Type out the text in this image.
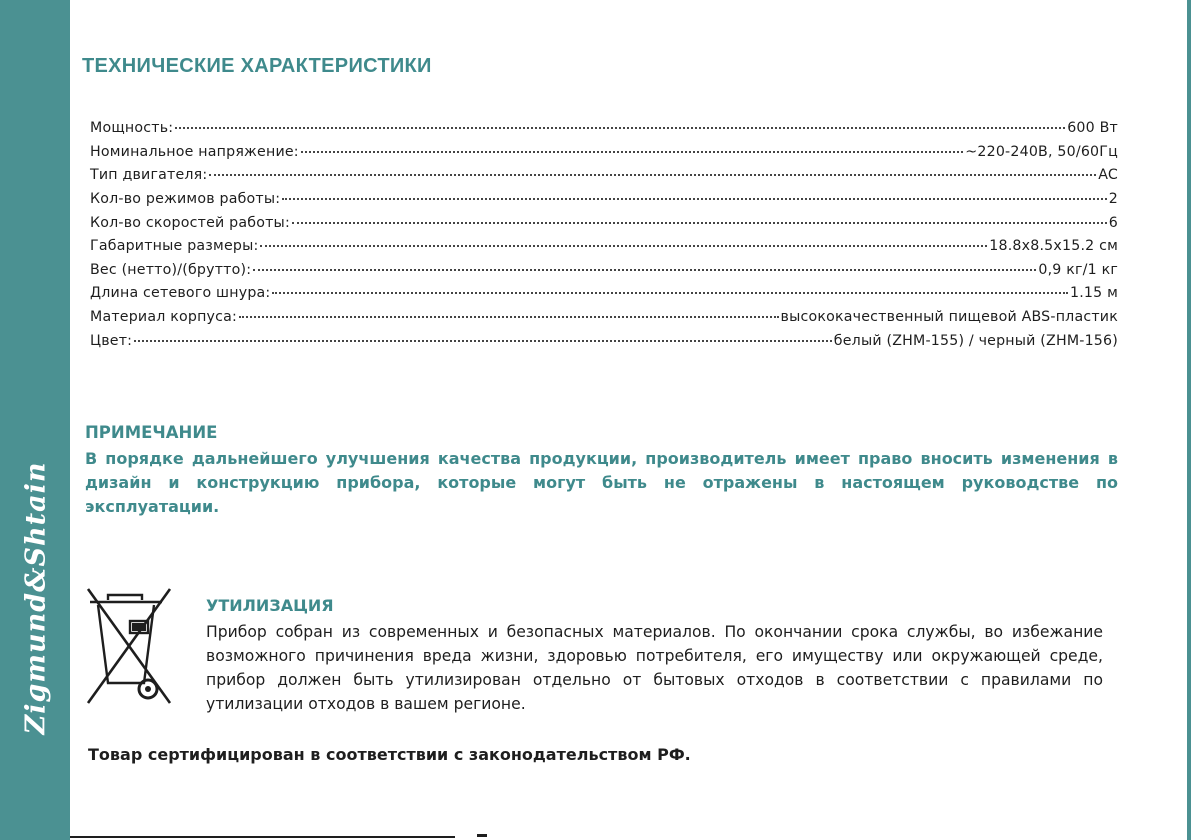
Zigmund&Shtain
ТЕХНИЧЕСКИЕ ХАРАКТЕРИСТИКИ
Мощность:	600 Вт
Номинальное напряжение:	~220-240В, 50/60Гц
Тип двигателя:	AC
Кол-во режимов работы:	2
Кол-во скоростей работы:	6
Габаритные размеры:	18.8x8.5x15.2 см
Вес (нетто)/(брутто):	0,9 кг/1 кг
Длина сетевого шнура:	1.15 м
Материал корпуса:	высококачественный пищевой ABS-пластик
Цвет:	белый (ZHM-155) / черный (ZHM-156)
ПРИМЕЧАНИЕ

В порядке дальнейшего улучшения качества продукции, производитель имеет право вносить изменения в дизайн и конструкцию прибора, которые могут быть не отражены в настоящем руководстве по эксплуатации.

УТИЛИЗАЦИЯ

Прибор собран из современных и безопасных материалов. По окончании срока службы, во избежание возможного причинения вреда жизни, здоровью потребителя, его имуществу или окружающей среде, прибор должен быть утилизирован отдельно от бытовых отходов в соответствии с правилами по утилизации отходов в вашем регионе.

Товар сертифицирован в соответствии с законодательством РФ.
